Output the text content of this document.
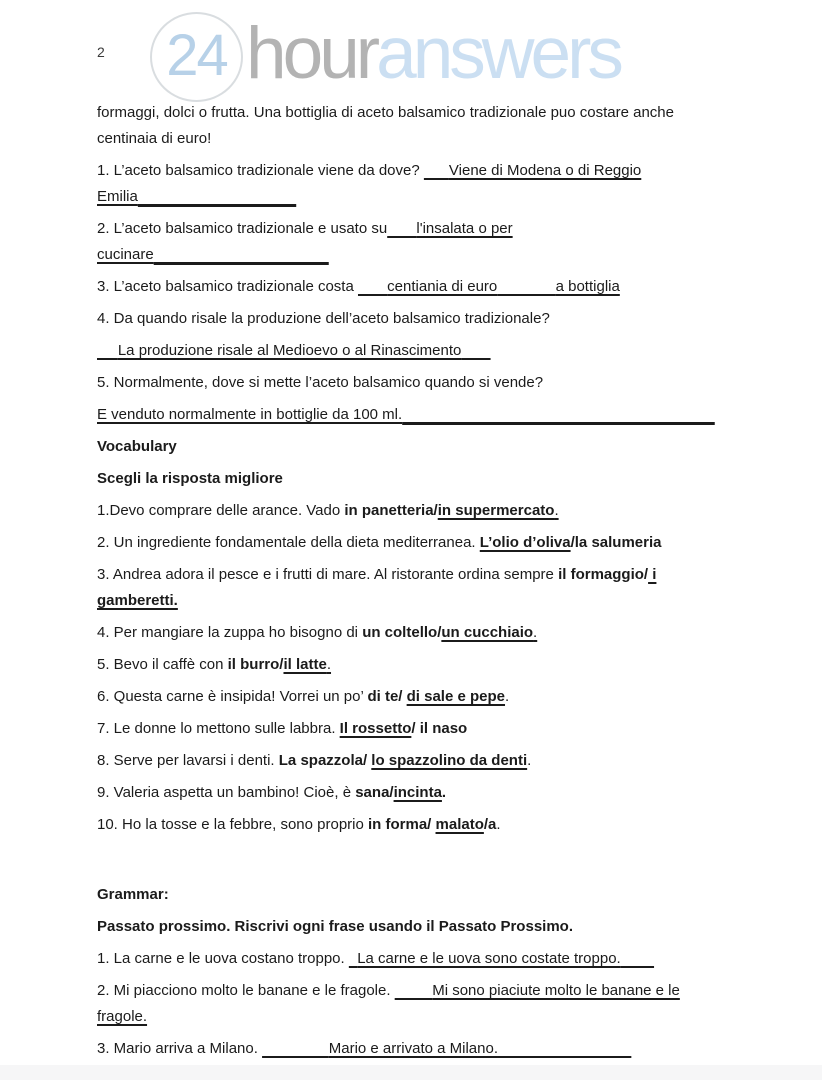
2 24 houranswers

formaggi, dolci o frutta. Una bottiglia di aceto balsamico tradizionale puo costare anche
centinaia di euro!

1. L’aceto balsamico tradizionale viene da dove?       Viene di Modena o di Reggio
Emilia

2. L’aceto balsamico tradizionale e usato su l'insalata o per
cucinare

3. L’aceto balsamico tradizionale costa        centiania di euro	a bottiglia

4. Da quando risale la produzione dell’aceto balsamico tradizionale?

La produzione risale al Medioevo o al Rinascimento

5. Normalmente, dove si mette l’aceto balsamico quando si vende?

E venduto normalmente in bottiglie da 100 ml.

Vocabulary

Scegli la risposta migliore

1.Devo comprare delle arance. Vado in panetteria/in supermercato.

2. Un ingrediente fondamentale della dieta mediterranea. L’olio d’oliva/la salumeria

3. Andrea adora il pesce e i frutti di mare. Al ristorante ordina sempre il formaggio/ i
gamberetti.

4. Per mangiare la zuppa ho bisogno di un coltello/un cucchiaio.

5. Bevo il caffè con il burro/il latte.

6. Questa carne è insipida! Vorrei un po’ di te/ di sale e pepe.

7. Le donne lo mettono sulle labbra. Il rossetto/ il naso

8. Serve per lavarsi i denti. La spazzola/ lo spazzolino da denti.

9. Valeria aspetta un bambino! Cioè, è sana/incinta.

10. Ho la tosse e la febbre, sono proprio in forma/ malato/a.

Grammar:

Passato prossimo. Riscrivi ogni frase usando il Passato Prossimo.

1. La carne e le uova costano troppo.   La carne e le uova sono costate troppo.

2. Mi piacciono molto le banane e le fragole.	Mi sono piaciute molto le banane e le
fragole.

3. Mario arriva a Milano.	Mario e arrivato a Milano.
